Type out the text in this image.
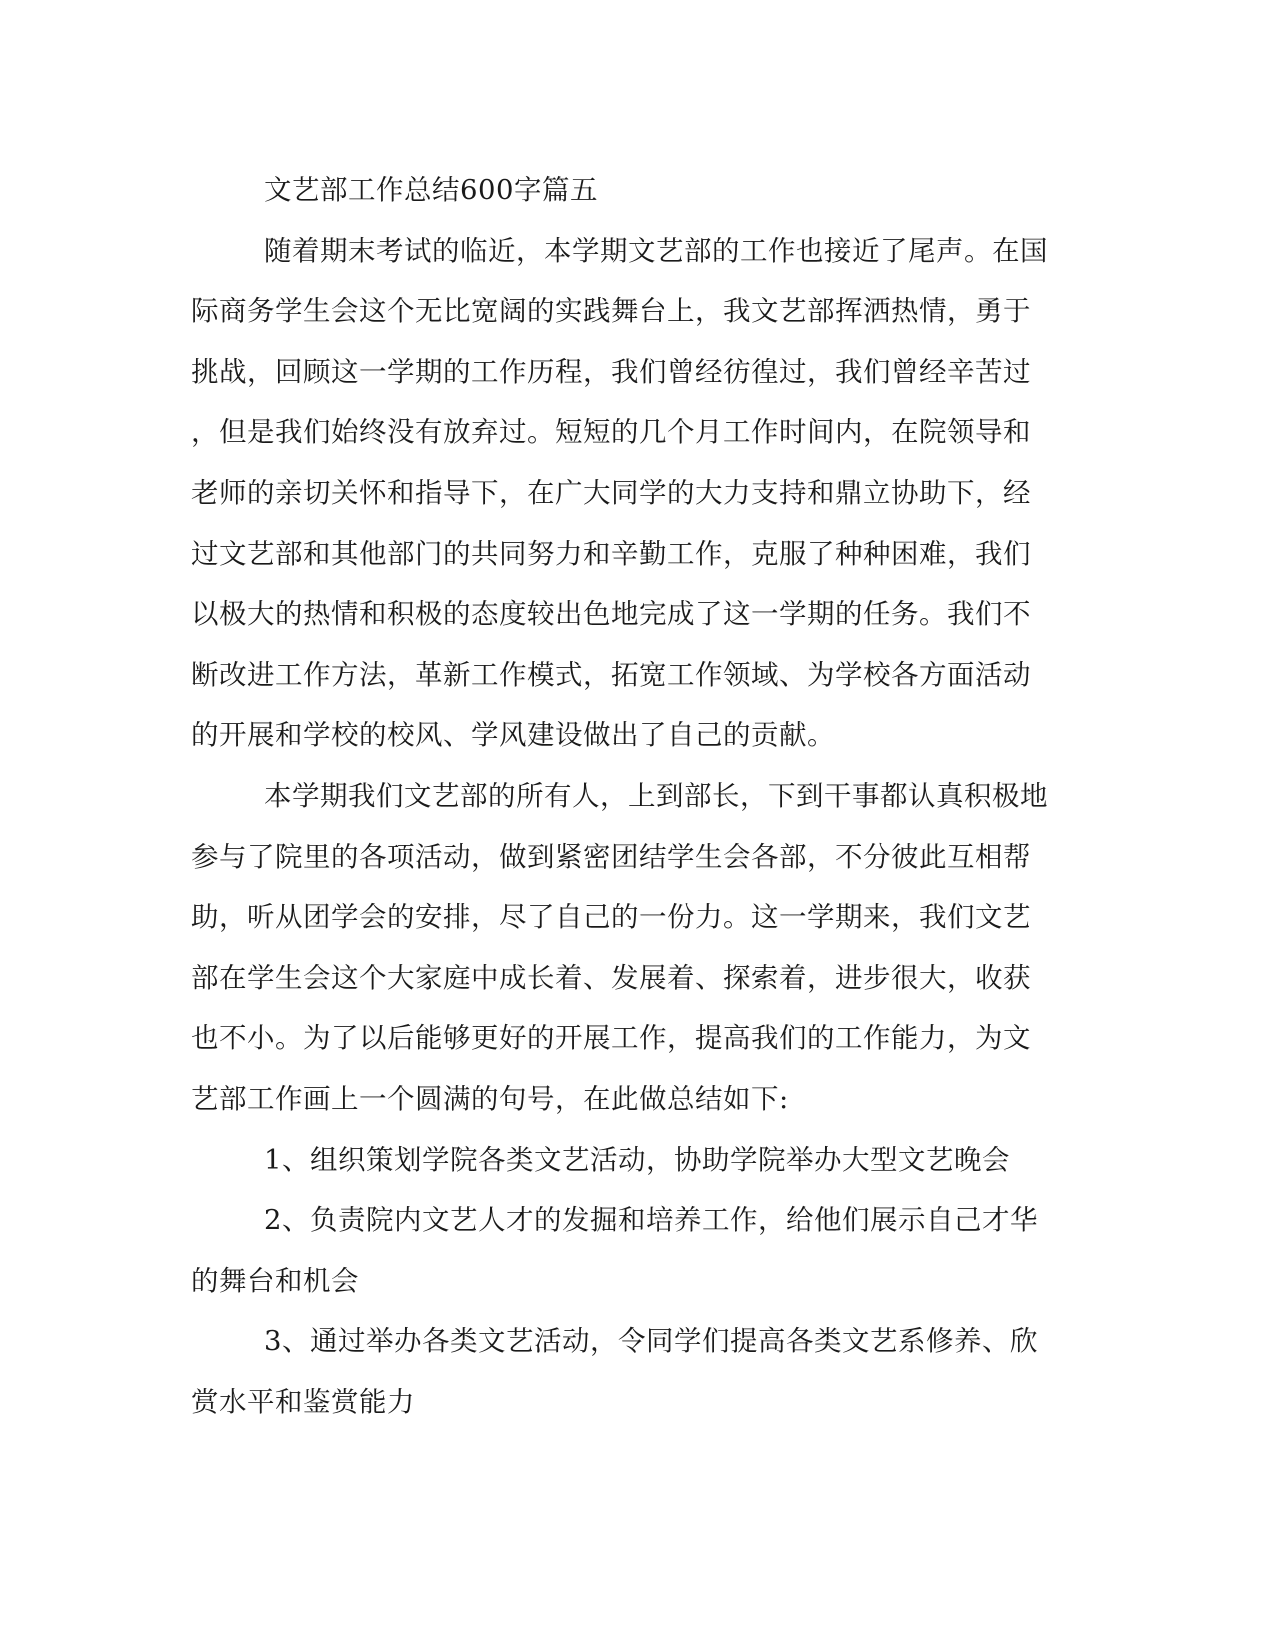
文艺部工作总结600字篇五
随着期末考试的临近，本学期文艺部的工作也接近了尾声。在国
际商务学生会这个无比宽阔的实践舞台上，我文艺部挥洒热情，勇于
挑战，回顾这一学期的工作历程，我们曾经彷徨过，我们曾经辛苦过
，但是我们始终没有放弃过。短短的几个月工作时间内，在院领导和
老师的亲切关怀和指导下，在广大同学的大力支持和鼎立协助下，经
过文艺部和其他部门的共同努力和辛勤工作，克服了种种困难，我们
以极大的热情和积极的态度较出色地完成了这一学期的任务。我们不
断改进工作方法，革新工作模式，拓宽工作领域、为学校各方面活动
的开展和学校的校风、学风建设做出了自己的贡献。
本学期我们文艺部的所有人，上到部长，下到干事都认真积极地
参与了院里的各项活动，做到紧密团结学生会各部，不分彼此互相帮
助，听从团学会的安排，尽了自己的一份力。这一学期来，我们文艺
部在学生会这个大家庭中成长着、发展着、探索着，进步很大，收获
也不小。为了以后能够更好的开展工作，提高我们的工作能力，为文
艺部工作画上一个圆满的句号，在此做总结如下:
1、组织策划学院各类文艺活动，协助学院举办大型文艺晚会
2、负责院内文艺人才的发掘和培养工作，给他们展示自己才华
的舞台和机会
3、通过举办各类文艺活动，令同学们提高各类文艺系修养、欣
赏水平和鉴赏能力
